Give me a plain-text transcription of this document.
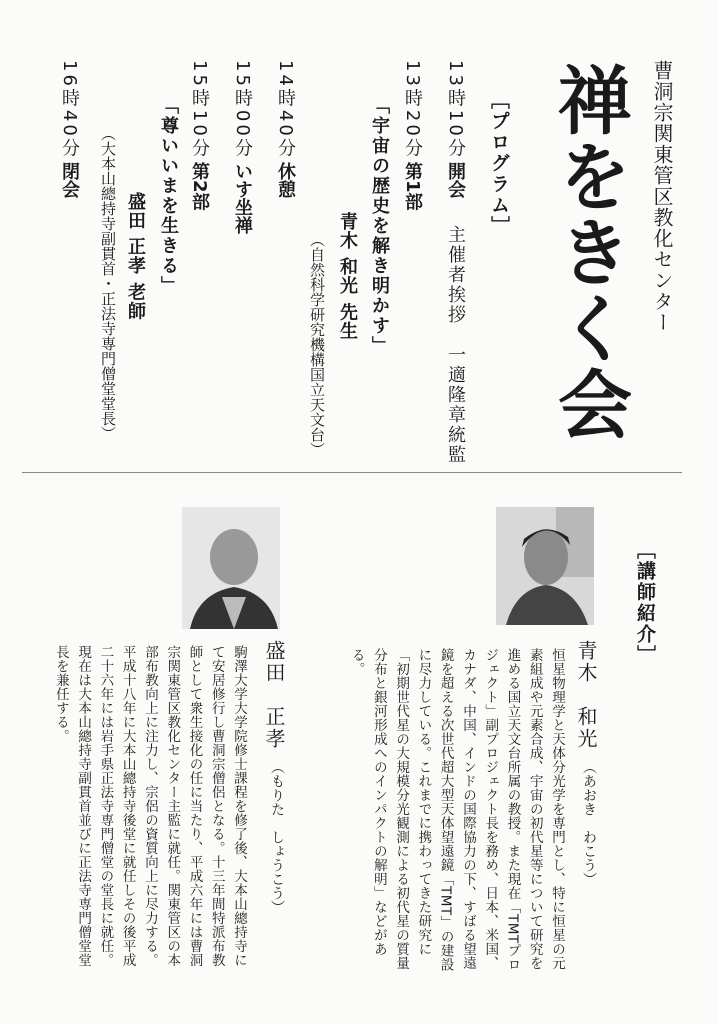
曹洞宗関東管区教化センター
禅をきく会
［プログラム］
13時10分
開会
主催者挨拶　一適隆章統監
13時20分
第1部
「宇宙の歴史を解き明かす」
青木 和光 先生
（自然科学研究機構国立天文台）
14時40分
休憩
15時00分
いす坐禅
15時10分
第2部
「尊いいまを生きる」
盛田 正孝 老師
（大本山總持寺副貫首・正法寺専門僧堂堂長）
16時40分
閉会
［講師紹介］
青木　和光
（あおき　わこう）
恒星物理学と天体分光学を専門とし、特に恒星の元素組成や元素合成、宇宙の初代星等について研究を進める国立天文台所属の教授。また現在「TMTプロジェクト」副プロジェクト長を務め、日本、米国、カナダ、中国、インドの国際協力の下、すばる望遠鏡を超える次世代超大型天体望遠鏡「TMT」の建設に尽力している。これまでに携わってきた研究に「初期世代星の大規模分光観測による初代星の質量分布と銀河形成へのインパクトの解明」などがある。
盛田　正孝
（もりた　しょうこう）
駒澤大学大学院修士課程を修了後、大本山總持寺にて安居修行し曹洞宗僧侶となる。十三年間特派布教師として衆生接化の任に当たり、平成六年には曹洞宗関東管区教化センター主監に就任。関東管区の本部布教向上に注力し、宗侶の資質向上に尽力する。平成十八年に大本山總持寺後堂に就任しその後平成二十六年には岩手県正法寺専門僧堂の堂長に就任。現在は大本山總持寺副貫首並びに正法寺専門僧堂堂長を兼任する。
